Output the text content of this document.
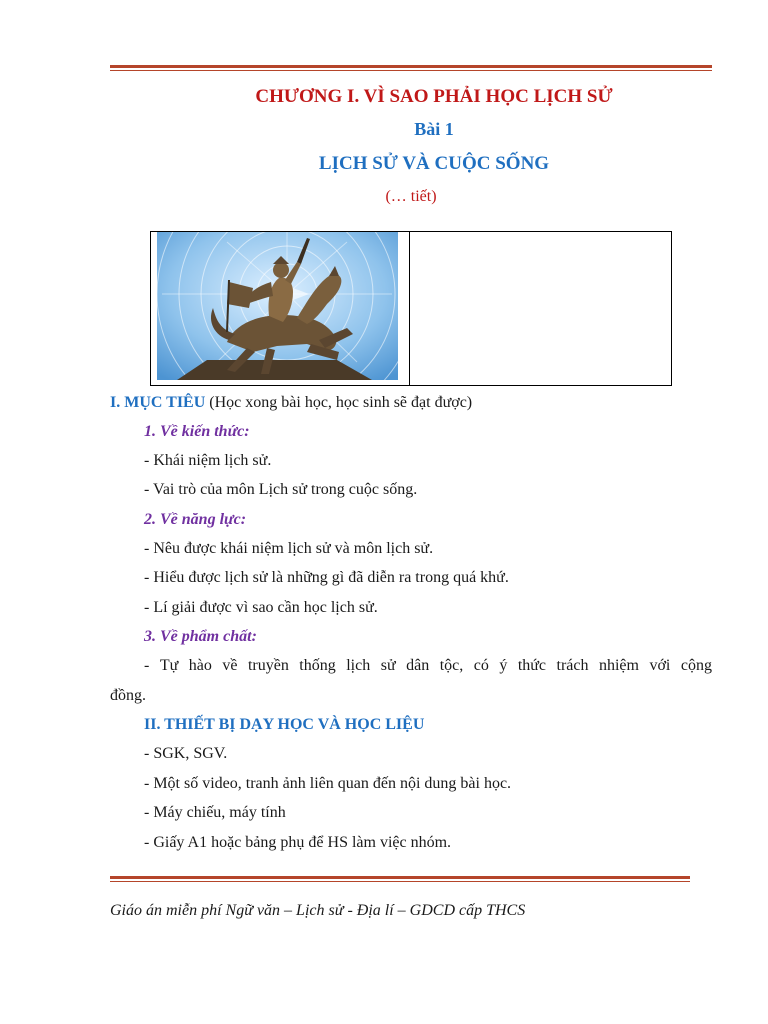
CHƯƠNG I. VÌ SAO PHẢI HỌC LỊCH SỬ
Bài 1
LỊCH SỬ VÀ CUỘC SỐNG
(… tiết)
I. MỤC TIÊU (Học xong bài học, học sinh sẽ đạt được)
1. Về kiến thức:
- Khái niệm lịch sử.
- Vai trò của môn Lịch sử trong cuộc sống.
2. Về năng lực:
- Nêu được khái niệm lịch sử và môn lịch sử.
- Hiểu được lịch sử là những gì đã diễn ra trong quá khứ.
- Lí giải được vì sao cần học lịch sử.
3. Về phẩm chất:
- Tự hào về truyền thống lịch sử dân tộc, có ý thức trách nhiệm với cộng
đồng.
II. THIẾT BỊ DẠY HỌC VÀ HỌC LIỆU
- SGK, SGV.
- Một số video, tranh ảnh liên quan đến nội dung bài học.
- Máy chiếu, máy tính
- Giấy A1 hoặc bảng phụ để HS làm việc nhóm.
Giáo án miễn phí Ngữ văn – Lịch sử - Địa lí – GDCD cấp THCS
